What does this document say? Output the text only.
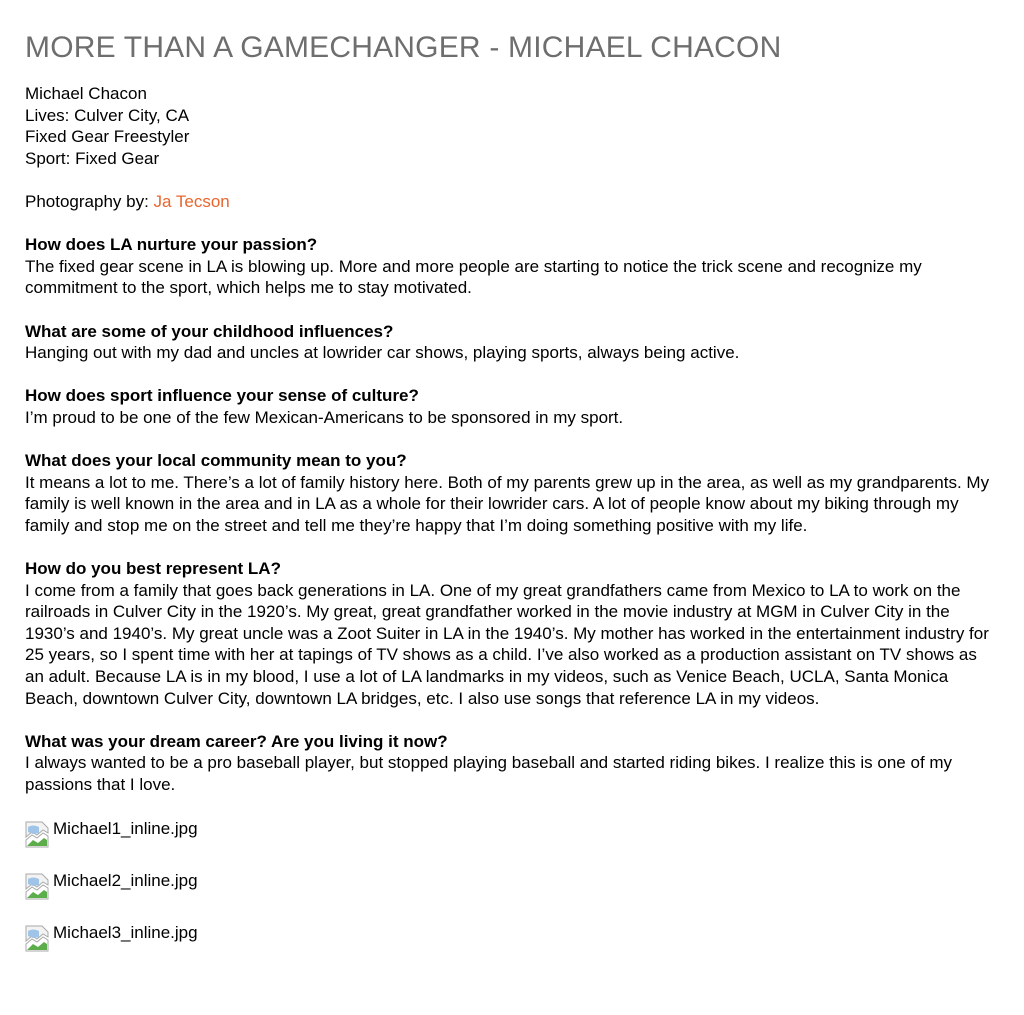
MORE THAN A GAMECHANGER - MICHAEL CHACON
Michael Chacon
Lives: Culver City, CA
Fixed Gear Freestyler
Sport: Fixed Gear
Photography by: Ja Tecson
How does LA nurture your passion?
The fixed gear scene in LA is blowing up. More and more people are starting to notice the trick scene and recognize my commitment to the sport, which helps me to stay motivated.
What are some of your childhood influences?
Hanging out with my dad and uncles at lowrider car shows, playing sports, always being active.
How does sport influence your sense of culture?
I’m proud to be one of the few Mexican-Americans to be sponsored in my sport.
What does your local community mean to you?
It means a lot to me. There’s a lot of family history here. Both of my parents grew up in the area, as well as my grandparents. My family is well known in the area and in LA as a whole for their lowrider cars. A lot of people know about my biking through my family and stop me on the street and tell me they’re happy that I’m doing something positive with my life.
How do you best represent LA?
I come from a family that goes back generations in LA. One of my great grandfathers came from Mexico to LA to work on the railroads in Culver City in the 1920’s. My great, great grandfather worked in the movie industry at MGM in Culver City in the 1930’s and 1940’s. My great uncle was a Zoot Suiter in LA in the 1940’s. My mother has worked in the entertainment industry for 25 years, so I spent time with her at tapings of TV shows as a child. I’ve also worked as a production assistant on TV shows as an adult. Because LA is in my blood, I use a lot of LA landmarks in my videos, such as Venice Beach, UCLA, Santa Monica Beach, downtown Culver City, downtown LA bridges, etc. I also use songs that reference LA in my videos.
What was your dream career? Are you living it now?
I always wanted to be a pro baseball player, but stopped playing baseball and started riding bikes. I realize this is one of my passions that I love.
Michael1_inline.jpg
Michael2_inline.jpg
Michael3_inline.jpg
